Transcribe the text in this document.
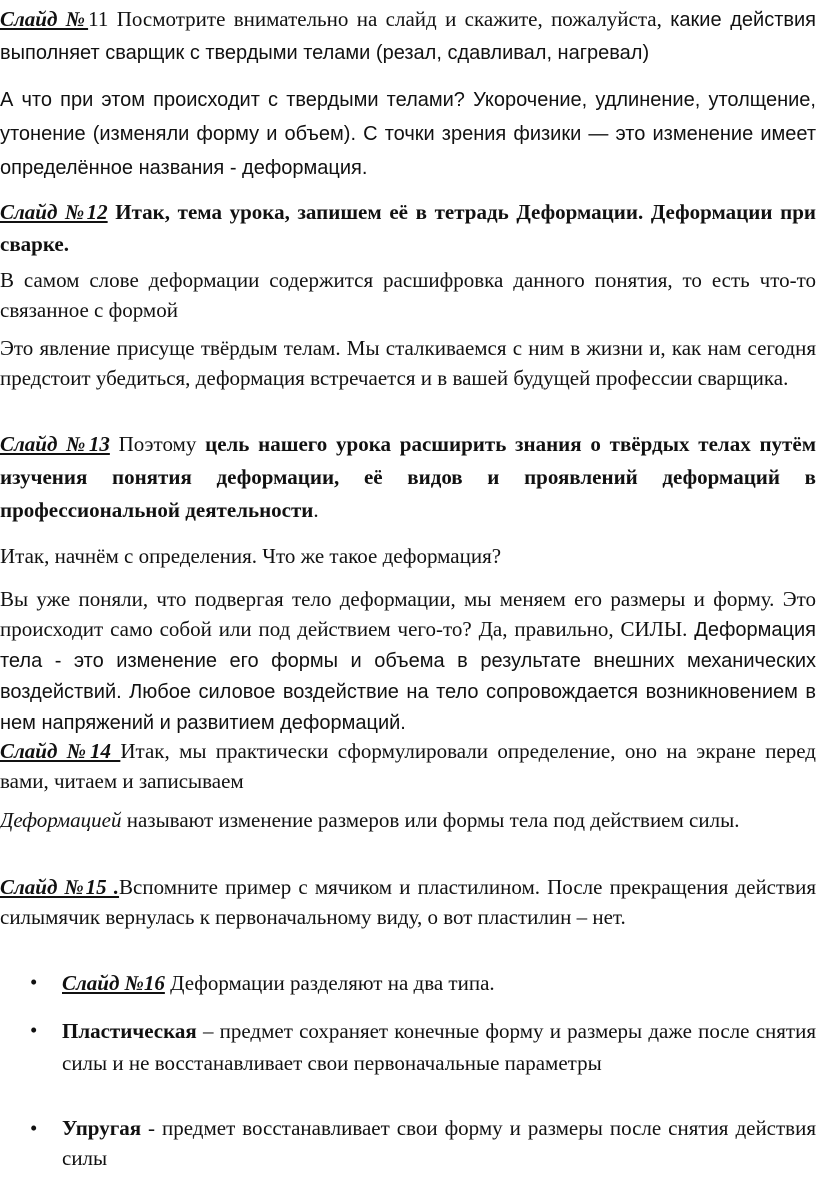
Слайд №11 Посмотрите внимательно на слайд и скажите, пожалуйста, какие действия выполняет сварщик с твердыми телами (резал, сдавливал, нагревал)

А что при этом происходит с твердыми телами? Укорочение, удлинение, утолщение, утонение (изменяли форму и объем). С точки зрения физики — это изменение имеет определённое названия - деформация.

Слайд №12 Итак, тема урока, запишем её в тетрадь Деформации. Деформации при сварке.

В самом слове деформации содержится расшифровка данного понятия, то есть что-то связанное с формой

Это явление присуще твёрдым телам. Мы сталкиваемся с ним в жизни и, как нам сегодня предстоит убедиться, деформация встречается и в вашей будущей профессии сварщика.

Слайд №13 Поэтому цель нашего урока расширить знания о твёрдых телах путём изучения понятия деформации, её видов и проявлений деформаций в профессиональной деятельности.

Итак, начнём с определения. Что же такое деформация?

Вы уже поняли, что подвергая тело деформации, мы меняем его размеры и форму. Это происходит само собой или под действием чего-то? Да, правильно, СИЛЫ. Деформация тела - это изменение его формы и объема в результате внешних механических воздействий. Любое силовое воздействие на тело сопровождается возникновением в нем напряжений и развитием деформаций.

Слайд №14 Итак, мы практически сформулировали определение, оно на экране перед вами, читаем и записываем

Деформацией называют изменение размеров или формы тела под действием силы.

Слайд №15 .Вспомните пример с мячиком и пластилином. После прекращения действия силымячик вернулась к первоначальному виду, о вот пластилин – нет.

• Слайд №16 Деформации разделяют на два типа.

• Пластическая – предмет сохраняет конечные форму и размеры даже после снятия силы и не восстанавливает свои первоначальные параметры

• Упругая - предмет восстанавливает свои форму и размеры после снятия действия силы
